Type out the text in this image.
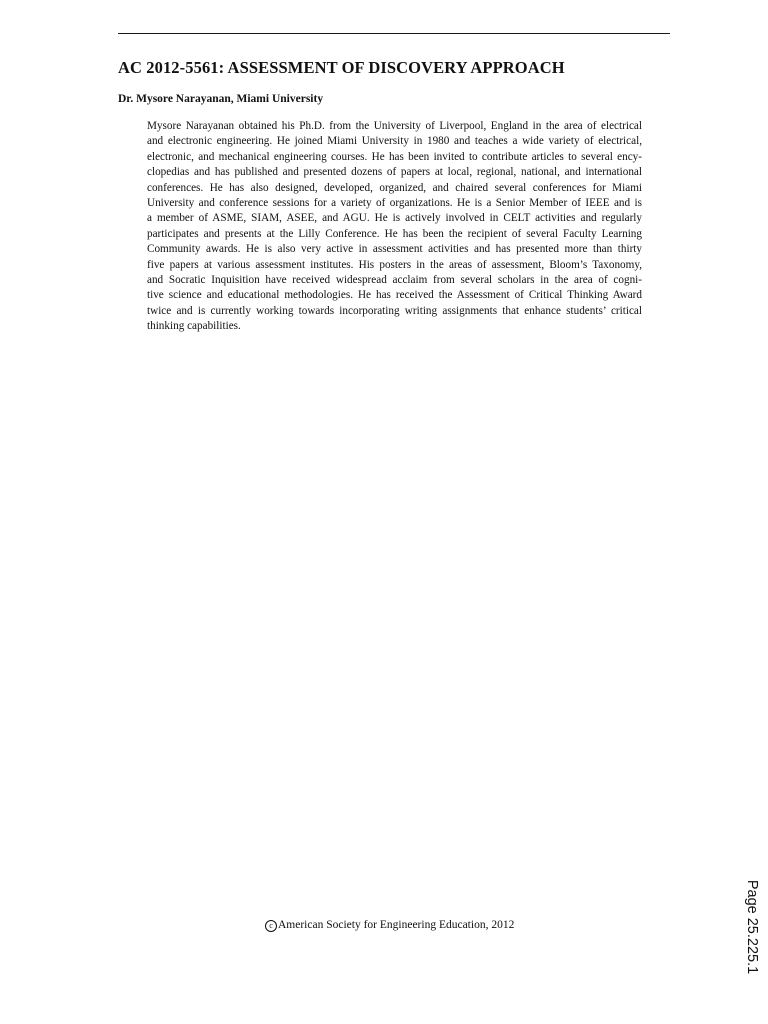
AC 2012-5561: ASSESSMENT OF DISCOVERY APPROACH

Dr. Mysore Narayanan, Miami University

Mysore Narayanan obtained his Ph.D. from the University of Liverpool, England in the area of electrical
and electronic engineering. He joined Miami University in 1980 and teaches a wide variety of electrical,
electronic, and mechanical engineering courses. He has been invited to contribute articles to several ency-
clopedias and has published and presented dozens of papers at local, regional, national, and international
conferences. He has also designed, developed, organized, and chaired several conferences for Miami
University and conference sessions for a variety of organizations. He is a Senior Member of IEEE and is
a member of ASME, SIAM, ASEE, and AGU. He is actively involved in CELT activities and regularly
participates and presents at the Lilly Conference. He has been the recipient of several Faculty Learning
Community awards. He is also very active in assessment activities and has presented more than thirty
five papers at various assessment institutes. His posters in the areas of assessment, Bloom’s Taxonomy,
and Socratic Inquisition have received widespread acclaim from several scholars in the area of cogni-
tive science and educational methodologies. He has received the Assessment of Critical Thinking Award
twice and is currently working towards incorporating writing assignments that enhance students’ critical
thinking capabilities.
c American Society for Engineering Education, 2012	Page 25.225.1
